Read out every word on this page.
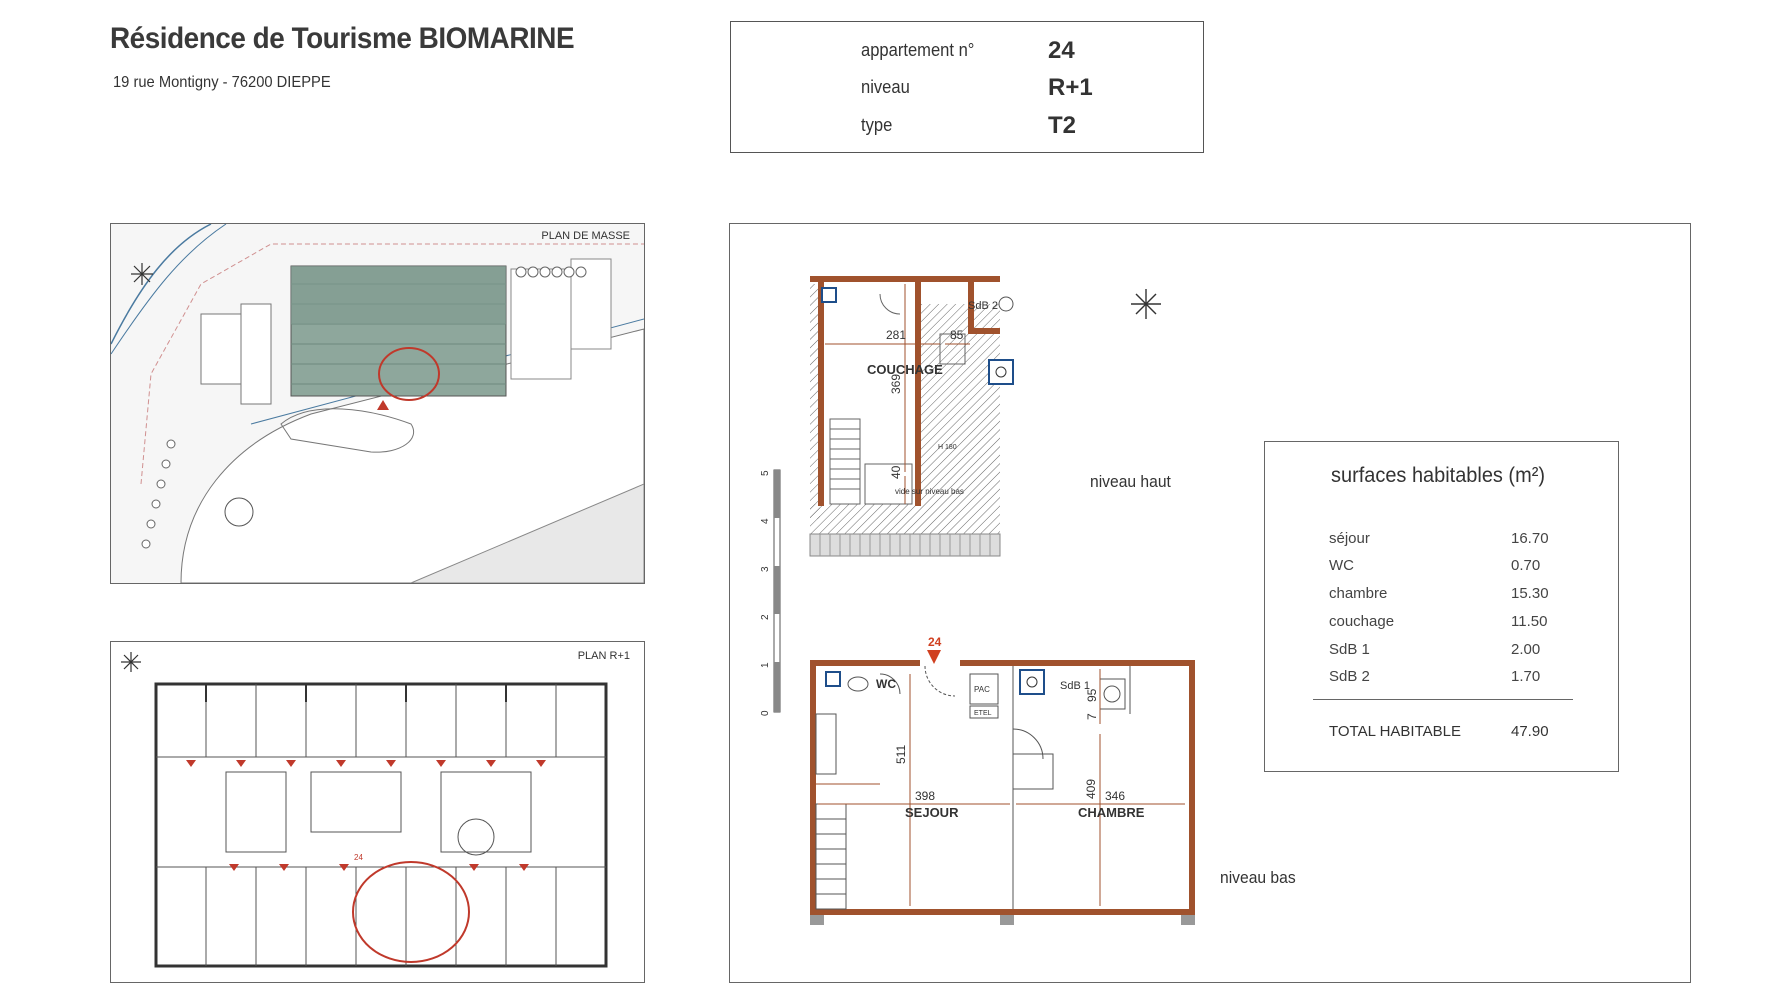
Résidence de Tourisme BIOMARINE
19 rue Montigny - 76200 DIEPPE
appartement n°	24
niveau	R+1
type	T2
PLAN DE MASSE
24
PLAN R+1
281	85
369
40
COUCHAGE
SdB 2
H 180
vide sur niveau bas
0
1
2
3
4
5
398	346
511
409
95
7
SEJOUR	CHAMBRE
WC	SdB 1
PAC
ETEL
24
niveau haut
niveau bas
surfaces habitables (m²)
séjour	16.70
WC	0.70
chambre	15.30
couchage	11.50
SdB 1	2.00
SdB 2	1.70
TOTAL HABITABLE	47.90
